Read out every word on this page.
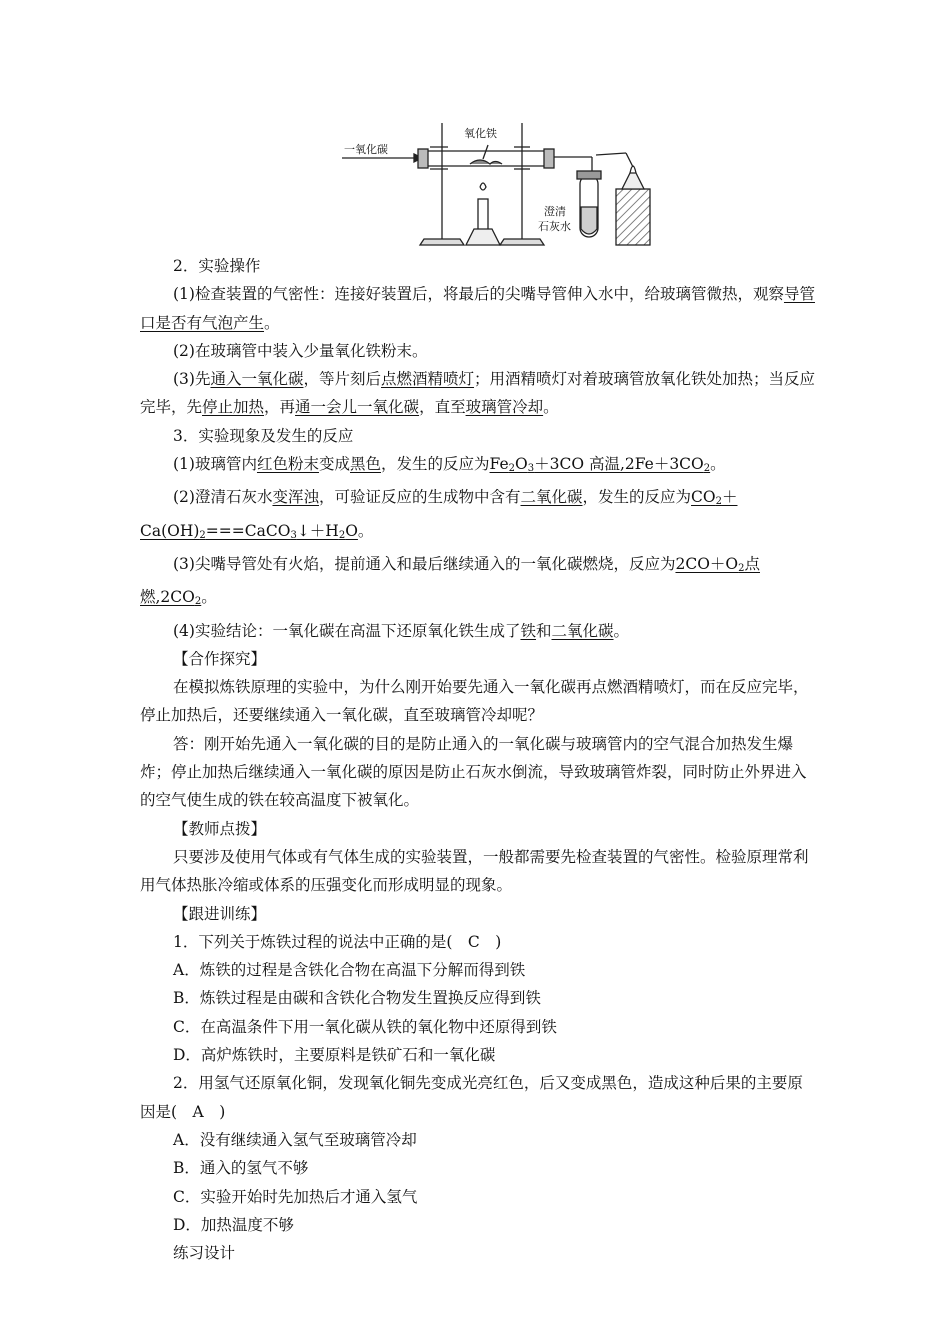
一氧化碳
氧化铁
澄清
石灰水

2．实验操作

(1)检查装置的气密性：连接好装置后，将最后的尖嘴导管伸入水中，给玻璃管微热，观察导管口是否有气泡产生。

(2)在玻璃管中装入少量氧化铁粉末。

(3)先通入一氧化碳，等片刻后点燃酒精喷灯；用酒精喷灯对着玻璃管放氧化铁处加热；当反应完毕，先停止加热，再通一会儿一氧化碳，直至玻璃管冷却。

3．实验现象及发生的反应

(1)玻璃管内红色粉末变成黑色，发生的反应为$Fe_2O_3+3CO$ 高温$,2Fe+3CO_2$。

(2)澄清石灰水变浑浊，可验证反应的生成物中含有二氧化碳，发生的反应为$CO_2+Ca(OH)_2===CaCO_3↓+H_2O$。

(3)尖嘴导管处有火焰，提前通入和最后继续通入的一氧化碳燃烧，反应为$2CO+O_2$点燃$,2CO_2$。

(4)实验结论：一氧化碳在高温下还原氧化铁生成了铁和二氧化碳。

【合作探究】

在模拟炼铁原理的实验中，为什么刚开始要先通入一氧化碳再点燃酒精喷灯，而在反应完毕，停止加热后，还要继续通入一氧化碳，直至玻璃管冷却呢？

答：刚开始先通入一氧化碳的目的是防止通入的一氧化碳与玻璃管内的空气混合加热发生爆炸；停止加热后继续通入一氧化碳的原因是防止石灰水倒流，导致玻璃管炸裂，同时防止外界进入的空气使生成的铁在较高温度下被氧化。

【教师点拨】

只要涉及使用气体或有气体生成的实验装置，一般都需要先检查装置的气密性。检验原理常利用气体热胀冷缩或体系的压强变化而形成明显的现象。

【跟进训练】

1．下列关于炼铁过程的说法中正确的是(　C　)

A．炼铁的过程是含铁化合物在高温下分解而得到铁

B．炼铁过程是由碳和含铁化合物发生置换反应得到铁

C．在高温条件下用一氧化碳从铁的氧化物中还原得到铁

D．高炉炼铁时，主要原料是铁矿石和一氧化碳

2．用氢气还原氧化铜，发现氧化铜先变成光亮红色，后又变成黑色，造成这种后果的主要原因是(　A　)

A．没有继续通入氢气至玻璃管冷却

B．通入的氢气不够

C．实验开始时先加热后才通入氢气

D．加热温度不够

练习设计
